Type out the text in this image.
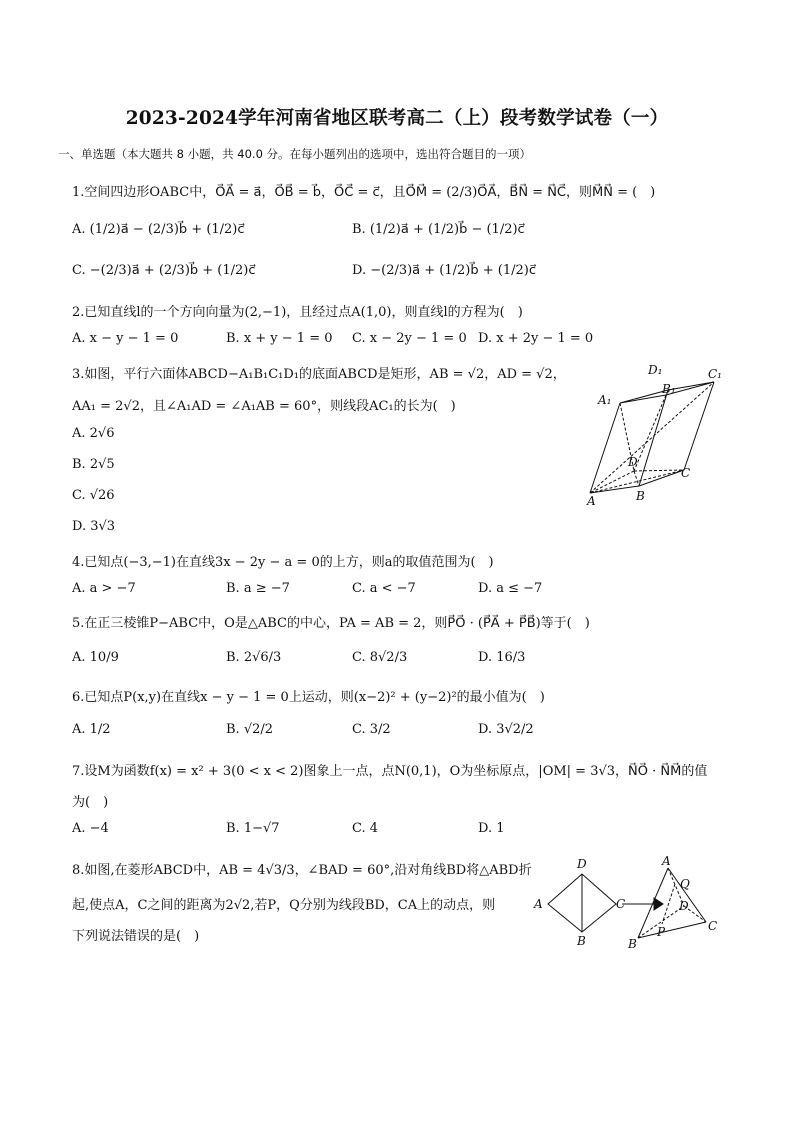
2023-2024学年河南省地区联考高二（上）段考数学试卷（一）
一、单选题（本大题共 8 小题，共 40.0 分。在每小题列出的选项中，选出符合题目的一项）
1.空间四边形OABC中，O⃗A⃗ = a⃗，O⃗B⃗ = b⃗，O⃗C⃗ = c⃗，且O⃗M⃗ = (2/3)O⃗A⃗，B⃗N⃗ = N⃗C⃗，则M⃗N⃗ = (　)
A. (1/2)a⃗ − (2/3)b⃗ + (1/2)c⃗	B. (1/2)a⃗ + (1/2)b⃗ − (1/2)c⃗
C. −(2/3)a⃗ + (2/3)b⃗ + (1/2)c⃗	D. −(2/3)a⃗ + (1/2)b⃗ + (1/2)c⃗
2.已知直线l的一个方向向量为(2,−1)，且经过点A(1,0)，则直线l的方程为(　)
A. x − y − 1 = 0	B. x + y − 1 = 0 C. x − 2y − 1 = 0 D. x + 2y − 1 = 0
3.如图，平行六面体ABCD−A₁B₁C₁D₁的底面ABCD是矩形，AB = √2，AD = √2，
AA₁ = 2√2，且∠A₁AD = ∠A₁AB = 60°，则线段AC₁的长为(　)
A. 2√6
B. 2√5
C. √26
D. 3√3
D₁
B₁
C₁
A₁
D
C
A	B
4.已知点(−3,−1)在直线3x − 2y − a = 0的上方，则a的取值范围为(　)
A. a > −7	B. a ≥ −7	C. a < −7	D. a ≤ −7
5.在正三棱锥P−ABC中，O是△ABC的中心，PA = AB = 2，则P⃗O⃗ · (P⃗A⃗ + P⃗B⃗)等于(　)
A. 10/9	B. 2√6/3	C. 8√2/3	D. 16/3
6.已知点P(x,y)在直线x − y − 1 = 0上运动，则(x−2)² + (y−2)²的最小值为(　)
A. 1/2	B. √2/2	C. 3/2	D. 3√2/2
7.设M为函数f(x) = x² + 3(0 < x < 2)图象上一点，点N(0,1)，O为坐标原点，|OM| = 3√3，N⃗O⃗ · N⃗M⃗的值
为(　)
A. −4	B. 1−√7	C. 4	D. 1
8.如图,在菱形ABCD中，AB = 4√3/3，∠BAD = 60°,沿对角线BD将△ABD折
起,使点A，C之间的距离为2√2,若P，Q分别为线段BD，CA上的动点，则
下列说法错误的是(　)
D
A	C
B
A
Q
D
B
P	C
